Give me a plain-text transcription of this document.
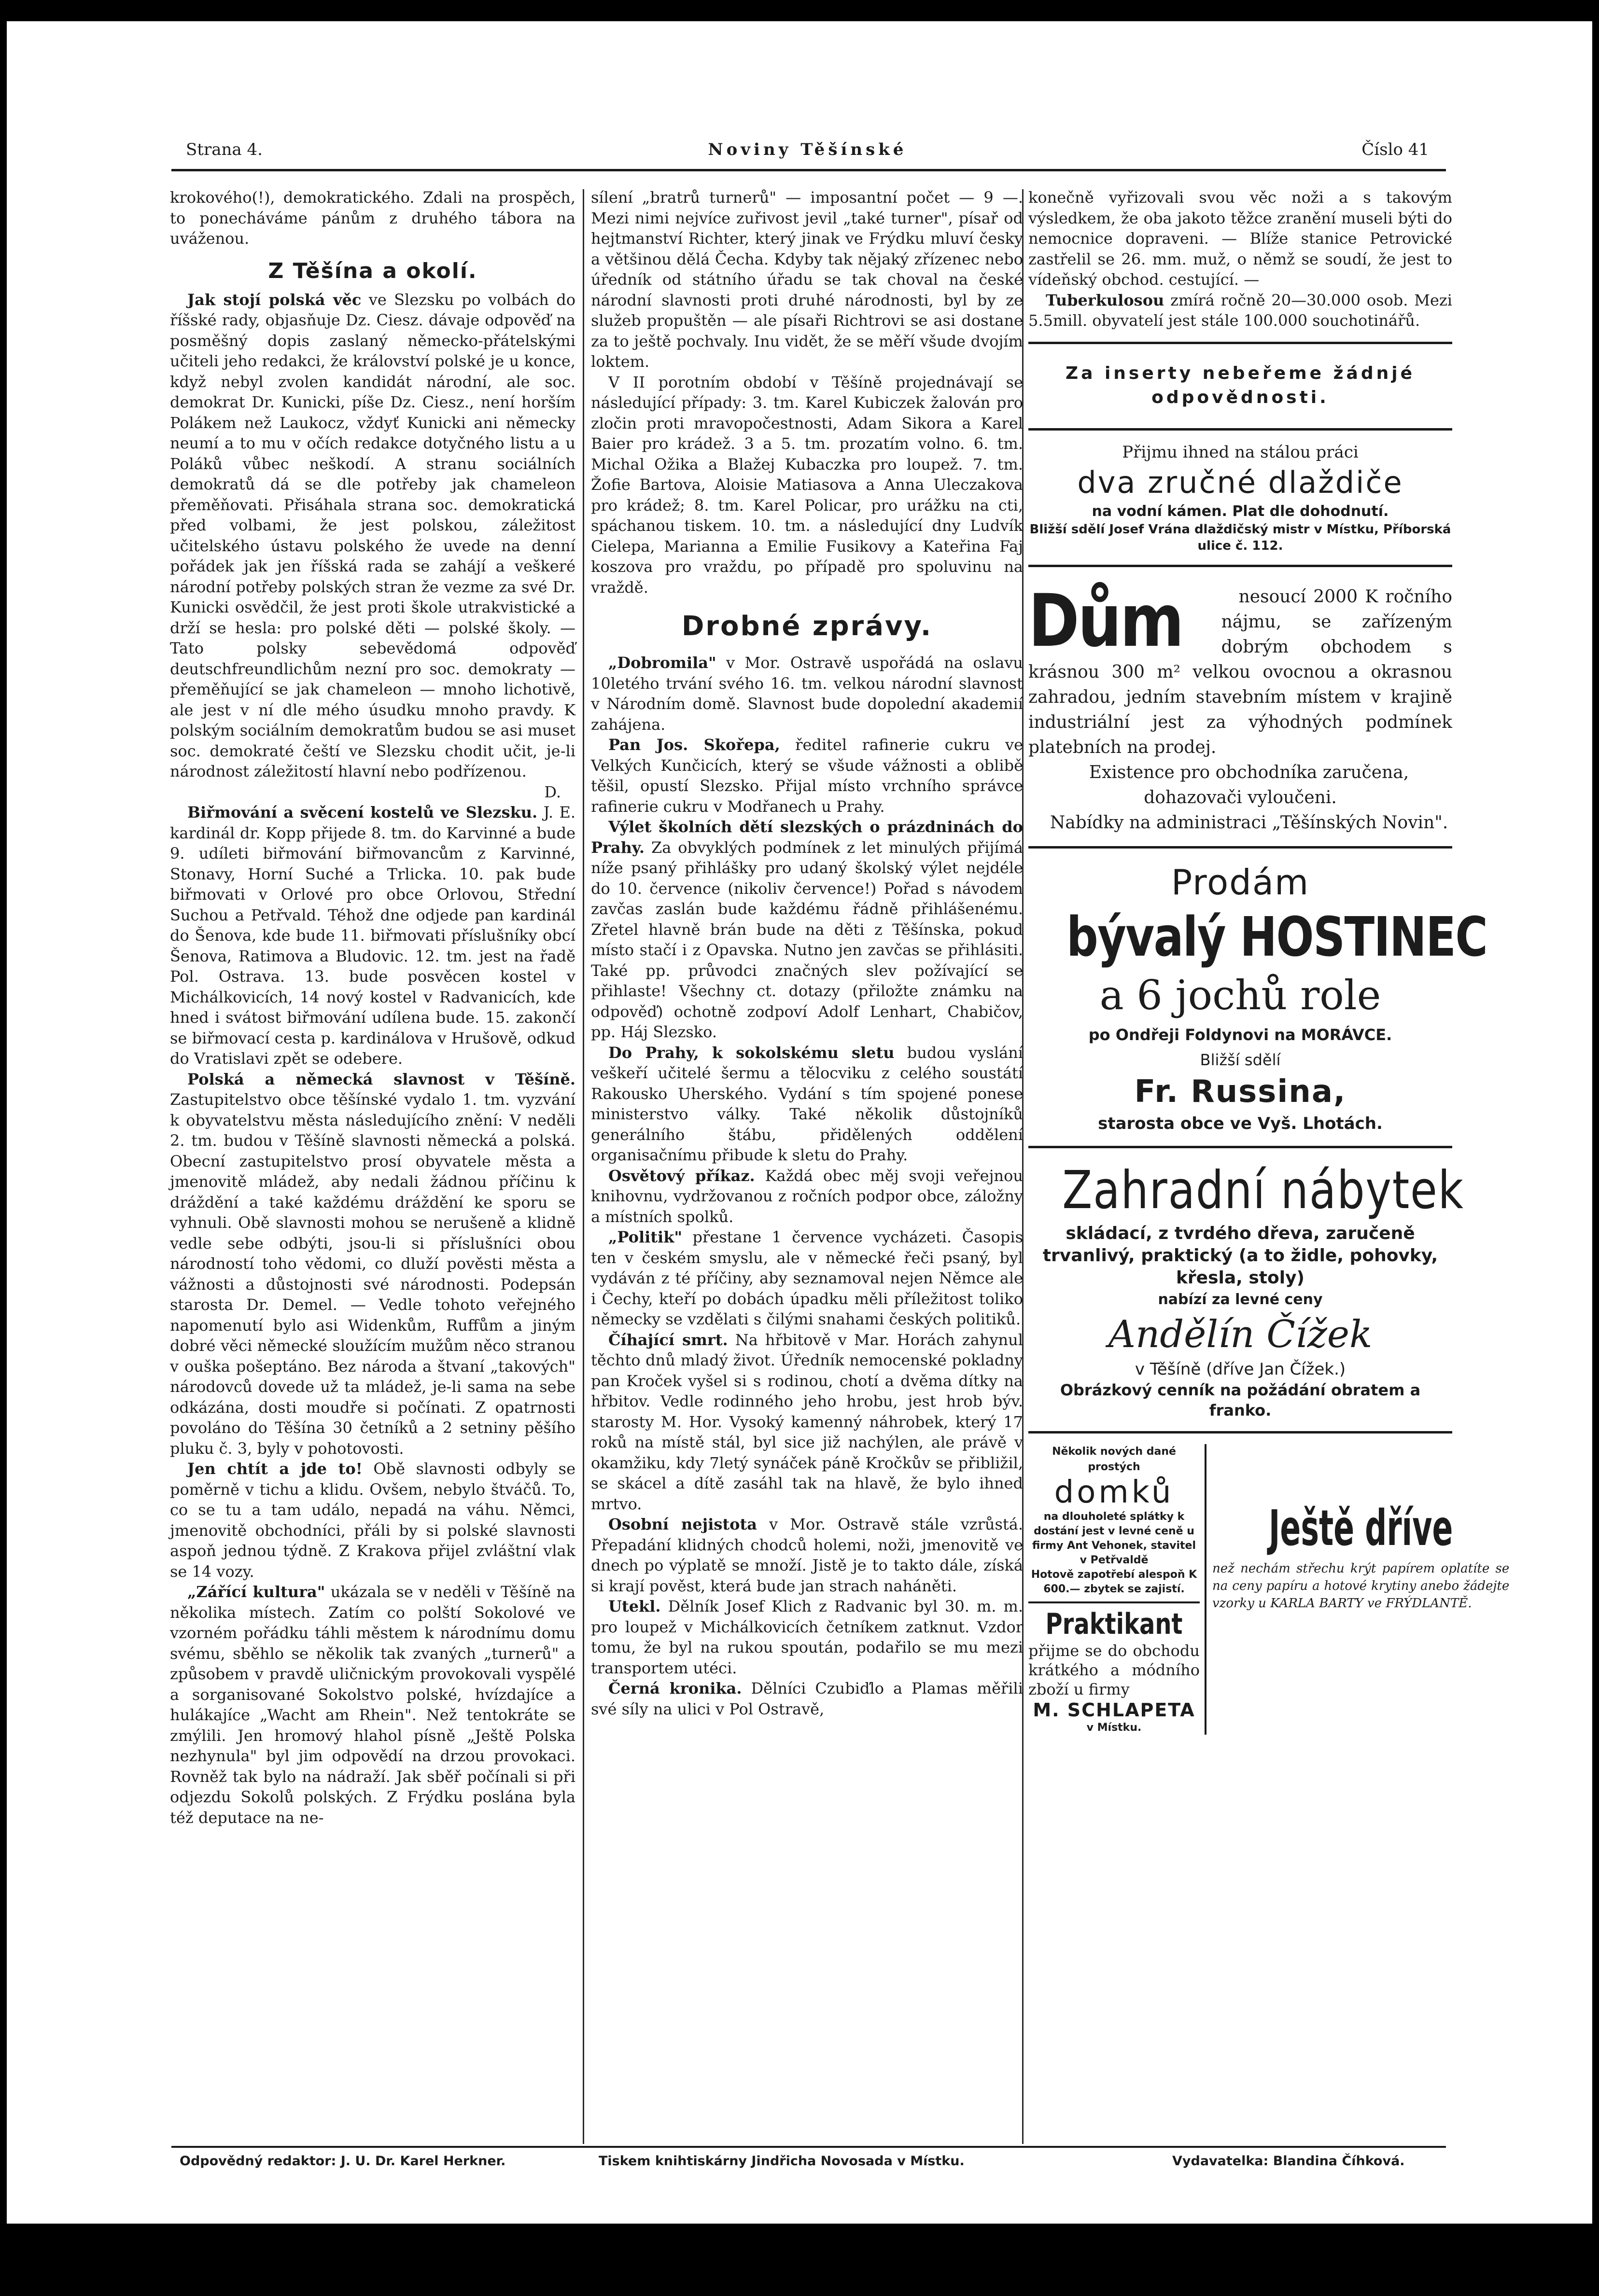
Strana 4.	Noviny Těšínské	Číslo 41

krokového(!), demokratického. Zdali na prospěch, to ponecháváme pánům z druhého tábora na uváženou.

Z Těšína a okolí.

Jak stojí polská věc ve Slezsku po volbách do říšské rady, objasňuje Dz. Ciesz. dávaje odpověď na posměšný dopis zaslaný německo-přátelskými učiteli jeho redakci, že království polské je u konce, když nebyl zvolen kandidát národní, ale soc. demokrat Dr. Kunicki, píše Dz. Ciesz., není horším Polákem než Laukocz, vždyť Kunicki ani německy neumí a to mu v očích redakce dotyčného listu a u Poláků vůbec neškodí. A stranu sociálních demokratů dá se dle potřeby jak chameleon přeměňovati. Přisáhala strana soc. demokratická před volbami, že jest polskou, záležitost učitelského ústavu polského že uvede na denní pořádek jak jen říšská rada se zahájí a veškeré národní potřeby polských stran že vezme za své Dr. Kunicki osvědčil, že jest proti škole utrakvistické a drží se hesla: pro polské děti — polské školy. — Tato polsky sebevědomá odpověď deutschfreundlichům nezní pro soc. demokraty — přeměňující se jak chameleon — mnoho lichotivě, ale jest v ní dle mého úsudku mnoho pravdy. K polským sociálním demokratům budou se asi muset soc. demokraté čeští ve Slezsku chodit učit, je-li národnost záležitostí hlavní nebo podřízenou.

D.

Biřmování a svěcení kostelů ve Slezsku. J. E. kardinál dr. Kopp přijede 8. tm. do Karvinné a bude 9. udíleti biřmování biřmovancům z Karvinné, Stonavy, Horní Suché a Trlicka. 10. pak bude biřmovati v Orlové pro obce Orlovou, Střední Suchou a Petřvald. Téhož dne odjede pan kardinál do Šenova, kde bude 11. biřmovati příslušníky obcí Šenova, Ratimova a Bludovic. 12. tm. jest na řadě Pol. Ostrava. 13. bude posvěcen kostel v Michálkovicích, 14 nový kostel v Radvanicích, kde hned i svátost biřmování udílena bude. 15. zakončí se biřmovací cesta p. kardinálova v Hrušově, odkud do Vratislavi zpět se odebere.

Polská a německá slavnost v Těšíně. Zastupitelstvo obce těšínské vydalo 1. tm. vyzvání k obyvatelstvu města následujícího znění: V neděli 2. tm. budou v Těšíně slavnosti německá a polská. Obecní zastupitelstvo prosí obyvatele města a jmenovitě mládež, aby nedali žádnou příčinu k dráždění a také každému dráždění ke sporu se vyhnuli. Obě slavnosti mohou se nerušeně a klidně vedle sebe odbýti, jsou-li si příslušníci obou národností toho vědomi, co dluží pověsti města a vážnosti a důstojnosti své národnosti. Podepsán starosta Dr. Demel. — Vedle tohoto veřejného napomenutí bylo asi Widenkům, Ruffům a jiným dobré věci německé sloužícím mužům něco stranou v ouška pošeptáno. Bez národa a štvaní „takových" národovců dovede už ta mládež, je-li sama na sebe odkázána, dosti moudře si počínati. Z opatrnosti povoláno do Těšína 30 četníků a 2 setniny pěšího pluku č. 3, byly v pohotovosti.

Jen chtít a jde to! Obě slavnosti odbyly se poměrně v tichu a klidu. Ovšem, nebylo štváčů. To, co se tu a tam událo, nepadá na váhu. Němci, jmenovitě obchodníci, přáli by si polské slavnosti aspoň jednou týdně. Z Krakova přijel zvláštní vlak se 14 vozy.

„Zářící kultura" ukázala se v neděli v Těšíně na několika místech. Zatím co polští Sokolové ve vzorném pořádku táhli městem k národnímu domu svému, sběhlo se několik tak zvaných „turnerů" a způsobem v pravdě uličnickým provokovali vyspělé a sorganisované Sokolstvo polské, hvízdajíce a hulákajíce „Wacht am Rhein". Než tentokráte se zmýlili. Jen hromový hlahol písně „Ještě Polska nezhynula" byl jim odpovědí na drzou provokaci. Rovněž tak bylo na nádraží. Jak sběř počínali si při odjezdu Sokolů polských. Z Frýdku poslána byla též deputace na ne-

sílení „bratrů turnerů" — imposantní počet — 9 —. Mezi nimi nejvíce zuřivost jevil „také turner", písař od hejtmanství Richter, který jinak ve Frýdku mluví česky a většinou dělá Čecha. Kdyby tak nějaký zřízenec nebo úředník od státního úřadu se tak choval na české národní slavnosti proti druhé národnosti, byl by ze služeb propuštěn — ale písaři Richtrovi se asi dostane za to ještě pochvaly. Inu vidět, že se měří všude dvojím loktem.

V II porotním období v Těšíně projednávají se následující případy: 3. tm. Karel Kubiczek žalován pro zločin proti mravopočestnosti, Adam Sikora a Karel Baier pro krádež. 3 a 5. tm. prozatím volno. 6. tm. Michal Ožika a Blažej Kubaczka pro loupež. 7. tm. Žofie Bartova, Aloisie Matiasova a Anna Uleczakova pro krádež; 8. tm. Karel Policar, pro urážku na cti, spáchanou tiskem. 10. tm. a následující dny Ludvík Cielepa, Marianna a Emilie Fusikovy a Kateřina Faj koszova pro vraždu, po případě pro spoluvinu na vraždě.

Drobné zprávy.

„Dobromila" v Mor. Ostravě uspořádá na oslavu 10letého trvání svého 16. tm. velkou národní slavnost v Národním domě. Slavnost bude dopolední akademií zahájena.

Pan Jos. Skořepa, ředitel rafinerie cukru ve Velkých Kunčicích, který se všude vážnosti a oblibě těšil, opustí Slezsko. Přijal místo vrchního správce rafinerie cukru v Modřanech u Prahy.

Výlet školních dětí slezských o prázdninách do Prahy. Za obvyklých podmínek z let minulých přijímá níže psaný přihlášky pro udaný školský výlet nejdéle do 10. července (nikoliv července!) Pořad s návodem zavčas zaslán bude každému řádně přihlášenému. Zřetel hlavně brán bude na děti z Těšínska, pokud místo stačí i z Opavska. Nutno jen zavčas se přihlásiti. Také pp. průvodci značných slev požívající se přihlaste! Všechny ct. dotazy (přiložte známku na odpověď) ochotně zodpoví Adolf Lenhart, Chabičov, pp. Háj Slezsko.

Do Prahy, k sokolskému sletu budou vyslání veškeří učitelé šermu a tělocviku z celého soustátí Rakousko Uherského. Vydání s tím spojené ponese ministerstvo války. Také několik důstojníků generálního štábu, přidělených oddělení organisačnímu přibude k sletu do Prahy.

Osvětový příkaz. Každá obec měj svoji veřejnou knihovnu, vydržovanou z ročních podpor obce, záložny a místních spolků.

„Politik" přestane 1 července vycházeti. Časopis ten v českém smyslu, ale v německé řeči psaný, byl vydáván z té příčiny, aby seznamoval nejen Němce ale i Čechy, kteří po dobách úpadku měli příležitost toliko německy se vzdělati s čilými snahami českých politiků.

Číhající smrt. Na hřbitově v Mar. Horách zahynul těchto dnů mladý život. Úředník nemocenské pokladny pan Kroček vyšel si s rodinou, chotí a dvěma dítky na hřbitov. Vedle rodinného jeho hrobu, jest hrob býv. starosty M. Hor. Vysoký kamenný náhrobek, který 17 roků na místě stál, byl sice již nachýlen, ale právě v okamžiku, kdy 7letý synáček páně Kročkův se přibližil, se skácel a dítě zasáhl tak na hlavě, že bylo ihned mrtvo.

Osobní nejistota v Mor. Ostravě stále vzrůstá. Přepadání klidných chodců holemi, noži, jmenovitě ve dnech po výplatě se množí. Jistě je to takto dále, získá si krají pověst, která bude jan strach naháněti.

Utekl. Dělník Josef Klich z Radvanic byl 30. m. m. pro loupež v Michálkovicích četníkem zatknut. Vzdor tomu, že byl na rukou spoután, podařilo se mu mezi transportem utéci.

Černá kronika. Dělníci Czubiďlo a Plamas měřili své síly na ulici v Pol Ostravě,

konečně vyřizovali svou věc noži a s takovým výsledkem, že oba jakoto těžce zranění museli býti do nemocnice dopraveni. — Blíže stanice Petrovické zastřelil se 26. mm. muž, o němž se soudí, že jest to vídeňský obchod. cestující. —

Tuberkulosou zmírá ročně 20—30.000 osob. Mezi 5.5mill. obyvatelí jest stále 100.000 souchotinářů.

Za inserty nebeřeme žádnjé odpovědnosti.
Přijmu ihned na stálou práci
dva zručné dlaždiče
na vodní kámen. Plat dle dohodnutí.
Bližší sdělí Josef Vrána dlaždičský mistr v Místku, Příborská ulice č. 112.
Dům	nesoucí 2000 K ročního nájmu, se zařízeným dobrým obchodem s krásnou 300 m² velkou ovocnou a okrasnou zahradou, jedním stavebním místem v krajině industriální jest za výhodných podmínek platebních na prodej.

Existence pro obchodníka zaručena, dohazovači vyloučeni.

Nabídky na administraci „Těšínských Novin".

Prodám
bývalý HOSTINEC
a 6 jochů role
po Ondřeji Foldynovi na MORÁVCE.
Bližší sdělí
Fr. Russina,
starosta obce ve Vyš. Lhotách.
Zahradní nábytek
skládací, z tvrdého dřeva, zaručeně trvanlivý, praktický (a to židle, pohovky, křesla, stoly)
nabízí za levné ceny
Andělín Čížek
v Těšíně (dříve Jan Čížek.)
Obrázkový cenník na požádání obratem a franko.
Několik nových dané prostých
domků
na dlouholeté splátky k dostání jest v levné ceně u firmy Ant Vehonek, stavitel v Petřvaldě
Hotově zapotřebí alespoň K 600.— zbytek se zajistí.
Praktikant
přijme se do obchodu krátkého a módního zboží u firmy
M. SCHLAPETA
v Místku.
Ještě dříve
než nechám střechu krýt papírem oplatíte se na ceny papíru a hotové krytiny anebo žádejte vzorky u KARLA BARTY ve FRÝDLANTĚ.
Odpovědný redaktor: J. U. Dr. Karel Herkner.	Tiskem knihtiskárny Jindřicha Novosada v Místku.	Vydavatelka: Blandina Číhková.
